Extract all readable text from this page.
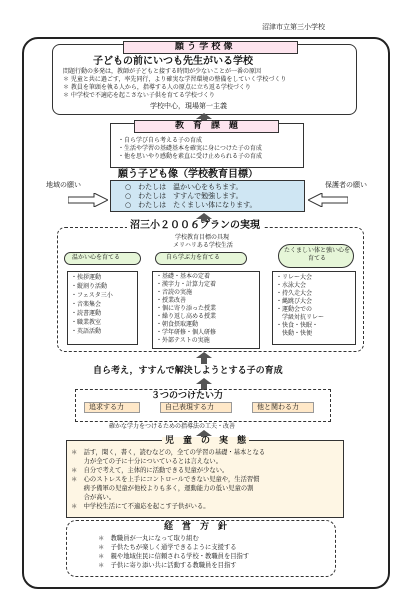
沼津市立第三小学校
願 う 学 校 像
子どもの前にいつも先生がいる学校
問題行動の多発は，教師が子どもと接する時間が少ないことが一番の原因
＊ 児童と共に過ごす，率先同行，より確実な学習環境の整備をしていく学校づくり
＊ 教員を筆頭を執る人から，指導する人の原点に立ち返る学校づくり
＊ 中学校で不適応を起こさない子供を育てる学校づくり
学校中心，現場第一主義
教　育　課　題
・自ら学び自ら考える子の育成
・生活や学習の基礎基本を確実に身につけた子の育成
・他を思いやり感動を素直に受け止められる子の育成
願う子ども像（学校教育目標）
地域の願い	保護者の願い
○　わたしは　温かい心をもちます。
○　わたしは　すすんで勉強します。
○　わたしは　たくましい体になります。
沼三小２００６プランの実現
学校教育目標の具現
メリハリある学校生活
温かい心を育てる
・挨拶運動
・縦割り活動
・フェスタ三小
・音楽集会
・読書運動
・職業教室
・英語活動
自ら学ぶ力を育てる
・基礎・基本の定着
・漢字力・計算力定着
・音読の実施
・授業改善
・個に寄り添った授業
・繰り返し高める授業
・朝食摂取運動
・学年研修・個人研修
・外部テストの実施
たくましい体と強い心を育てる
・リレー大会
・水泳大会
・持久走大会
・縄跳び大会
・運動会での
　学級対抗リレー
・快食・快眠・
　快動・快便
自ら考え，すすんで解決しようとする子の育成
３つのつけたい力
追求する力	自己表現する力	他と関わる力
確かな学力をつけるための指導法の工夫・改善
児　童　の　実　態
＊　話す，聞く，書く，読むなどの，全ての学習の基礎・基本となる
　　力が全ての子に十分についているとは言えない。
＊　自分で考えて，主体的に活動できる児童が少ない。
＊　心のストレスを上手にコントロールできない児童や，生活習慣
　　病予備軍の児童が他校よりも多く，運動能力の低い児童の割
　　合が高い。
＊　中学校生活にて不適応を起こす子供がいる。
経　営　方　針
＊　教職員が一丸になって取り組む
＊　子供たちが楽しく通学できるように支援する
＊　親や地域住民に信頼される学校・教職員を目指す
＊　子供に寄り添い共に活動する教職員を目指す
